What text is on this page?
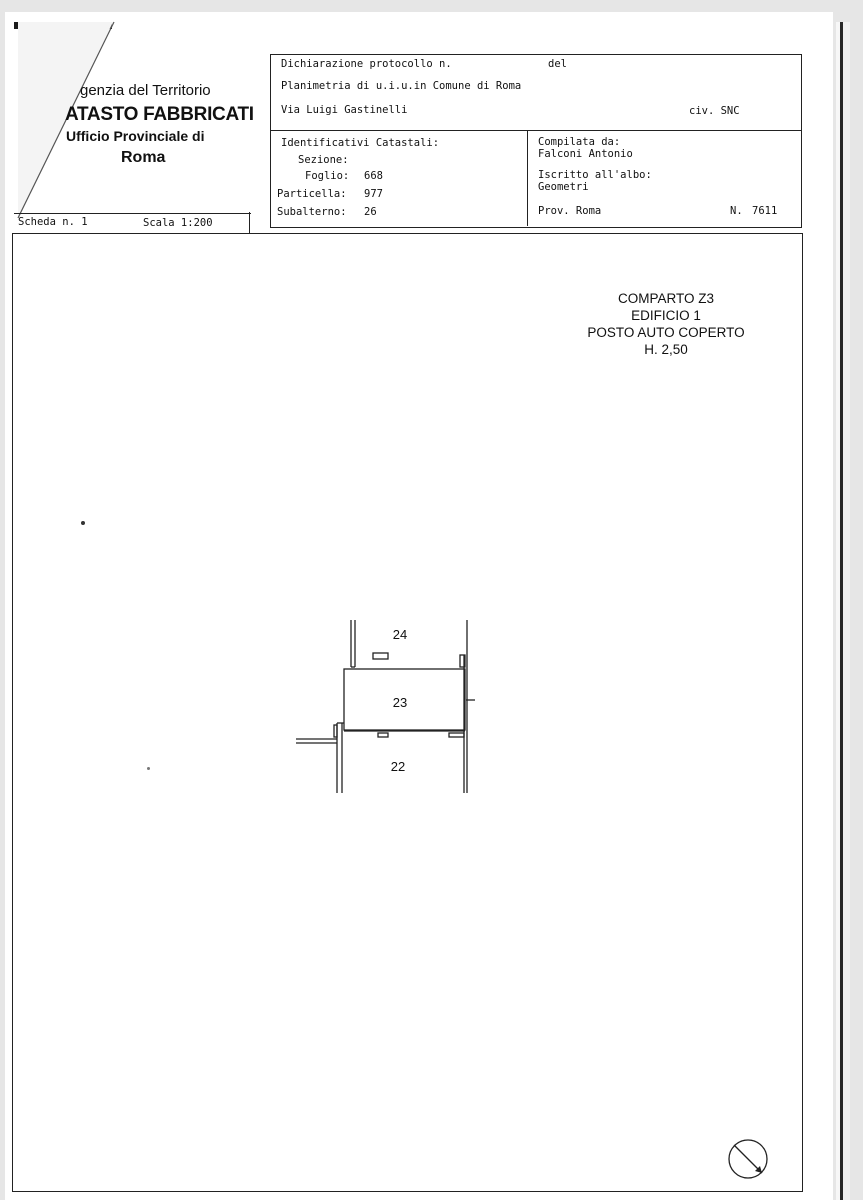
genzia del Territorio
ATASTO FABBRICATI
Ufficio Provinciale di
Roma
Dichiarazione protocollo n.	del
Planimetria di u.i.u.in Comune di Roma
Via Luigi Gastinelli	civ. SNC
Identificativi Catastali:
Sezione:
Foglio: 668
Particella: 977
Subalterno: 26
Compilata da:
Falconi Antonio
Iscritto all'albo:
Geometri
Prov. Roma	N. 7611
Scheda n. 1	Scala 1:200
COMPARTO Z3
EDIFICIO 1
POSTO AUTO COPERTO
H. 2,50
24
23
22
